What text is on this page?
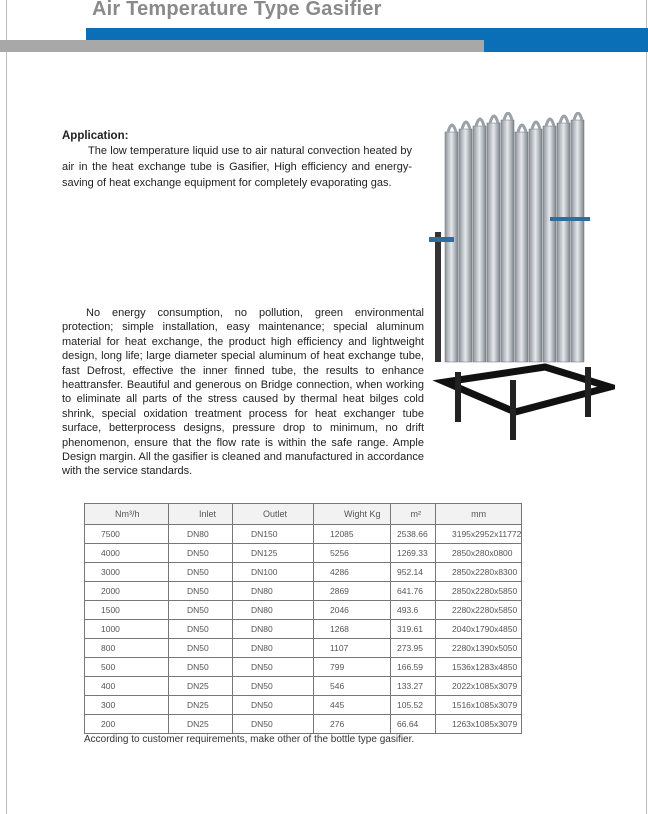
Air Temperature Type Gasifier
Application:
The low temperature liquid use to air natural convection heated by air in the heat exchange tube is Gasifier, High efficiency and energy-saving of heat exchange equipment for completely evaporating gas.
No energy consumption, no pollution, green environmental protection; simple installation, easy maintenance; special aluminum material for heat exchange, the product high efficiency and lightweight design, long life; large diameter special aluminum of heat exchange tube, fast Defrost, effective the inner finned tube, the results to enhance heattransfer. Beautiful and generous on Bridge connection, when working to eliminate all parts of the stress caused by thermal heat bilges cold shrink, special oxidation treatment process for heat exchanger tube surface, betterprocess designs, pressure drop to minimum, no drift phenomenon, ensure that the flow rate is within the safe range. Ample Design margin. All the gasifier is cleaned and manufactured in accordance with the service standards.
Nm³/h	Inlet	Outlet	Wight Kg	m²	mm
7500	DN80	DN150	12085	2538.66	3195x2952x11772
4000	DN50	DN125	5256	1269.33	2850x280x0800
3000	DN50	DN100	4286	952.14	2850x2280x8300
2000	DN50	DN80	2869	641.76	2850x2280x5850
1500	DN50	DN80	2046	493.6	2280x2280x5850
1000	DN50	DN80	1268	319.61	2040x1790x4850
800	DN50	DN80	1107	273.95	2280x1390x5050
500	DN50	DN50	799	166.59	1536x1283x4850
400	DN25	DN50	546	133.27	2022x1085x3079
300	DN25	DN50	445	105.52	1516x1085x3079
200	DN25	DN50	276	66.64	1263x1085x3079
According to customer requirements, make other of the bottle type gasifier.
